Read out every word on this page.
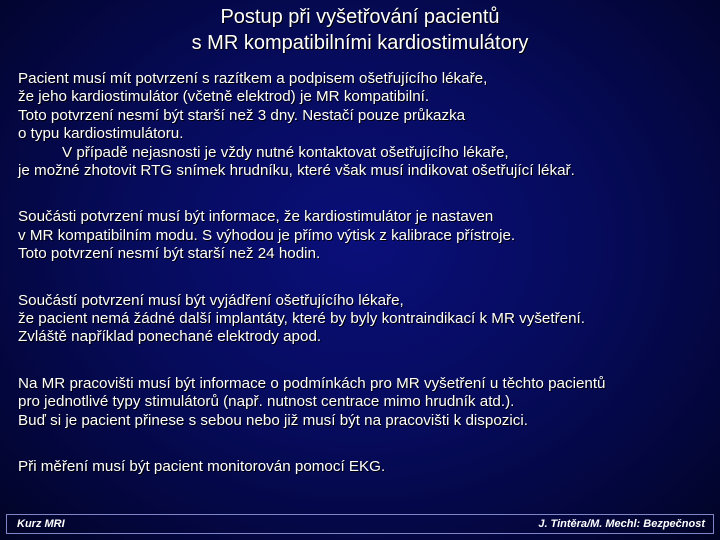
Postup při vyšetřování pacientů
s MR kompatibilními kardiostimulátory
Pacient musí mít potvrzení s razítkem a podpisem ošetřujícího lékaře,
že jeho kardiostimulátor (včetně elektrod) je MR kompatibilní.
Toto potvrzení nesmí být starší než 3 dny. Nestačí pouze průkazka
o typu kardiostimulátoru.
V případě nejasnosti je vždy nutné kontaktovat ošetřujícího lékaře,
je možné zhotovit RTG snímek hrudníku, které však musí indikovat ošetřující lékař.
Součásti potvrzení musí být informace, že kardiostimulátor je nastaven
v MR kompatibilním modu. S výhodou je přímo výtisk z kalibrace přístroje.
Toto potvrzení nesmí být starší než 24 hodin.
Součástí potvrzení musí být vyjádření ošetřujícího lékaře,
že pacient nemá žádné další implantáty, které by byly kontraindikací k MR vyšetření.
Zvláště například ponechané elektrody apod.
Na MR pracovišti musí být informace o podmínkách pro MR vyšetření u těchto pacientů
pro jednotlivé typy stimulátorů (např. nutnost centrace mimo hrudník atd.).
Buď si je pacient přinese s sebou nebo již musí být na pracovišti k dispozici.
Při měření musí být pacient monitorován pomocí EKG.
Kurz MRI	J. Tintěra/M. Mechl: Bezpečnost
